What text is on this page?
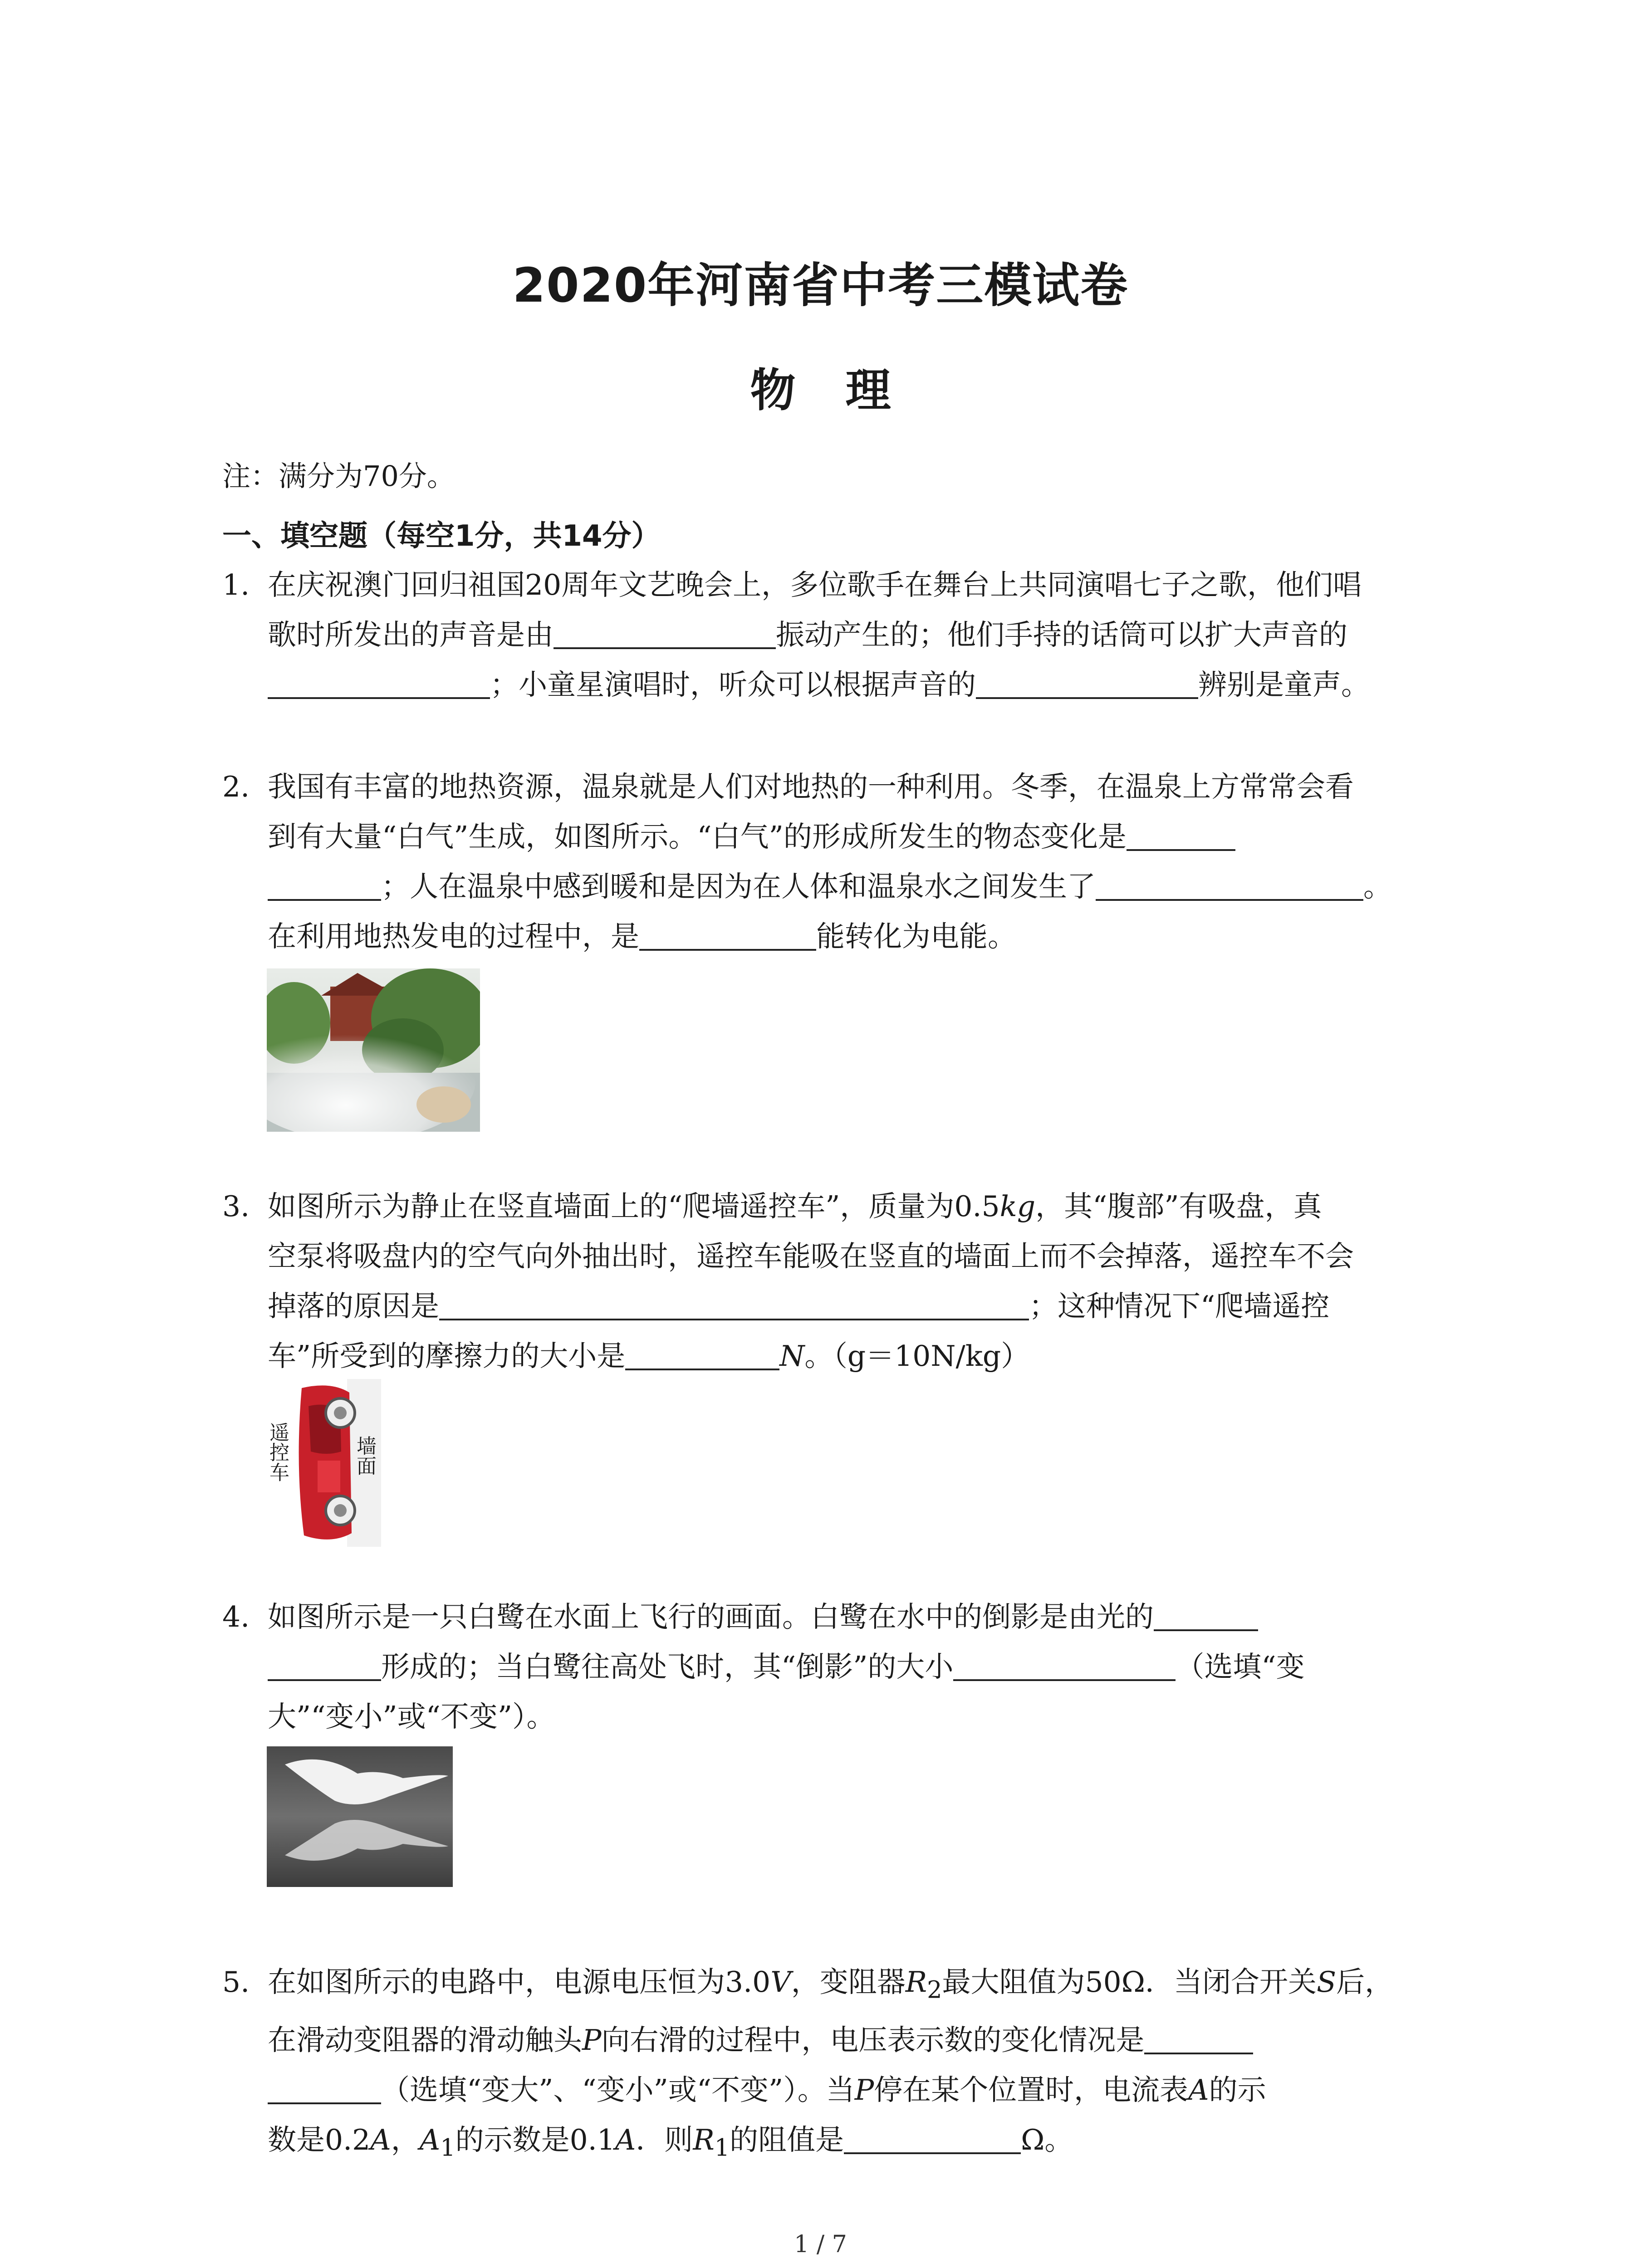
2020年河南省中考三模试卷
物理
注：满分为70分。
一、填空题（每空1分，共14分）
1. 在庆祝澳门回归祖国20周年文艺晚会上，多位歌手在舞台上共同演唱七子之歌，他们唱
歌时所发出的声音是由	振动产生的；他们手持的话筒可以扩大声音的
；小童星演唱时，听众可以根据声音的	辨别是童声。
2. 我国有丰富的地热资源，温泉就是人们对地热的一种利用。冬季，在温泉上方常常会看
到有大量“白气”生成，如图所示。“白气”的形成所发生的物态变化是
；人在温泉中感到暖和是因为在人体和温泉水之间发生了	。
在利用地热发电的过程中，是	能转化为电能。
3. 如图所示为静止在竖直墙面上的“爬墙遥控车”，质量为0.5kg，其“腹部”有吸盘，真
空泵将吸盘内的空气向外抽出时，遥控车能吸在竖直的墙面上而不会掉落，遥控车不会
掉落的原因是	；这种情况下“爬墙遥控
车”所受到的摩擦力的大小是	N。（g＝10N/kg）
遥控车	墙面
4. 如图所示是一只白鹭在水面上飞行的画面。白鹭在水中的倒影是由光的
形成的；当白鹭往高处飞时，其“倒影”的大小	（选填“变
大”“变小”或“不变”）。
5. 在如图所示的电路中，电源电压恒为3.0V，变阻器$R_2$最大阻值为50Ω．当闭合开关S后，
在滑动变阻器的滑动触头P向右滑的过程中，电压表示数的变化情况是
（选填“变大”、“变小”或“不变”）。当P停在某个位置时，电流表A的示
数是0.2A，$A_1$的示数是0.1A．则$R_1$的阻值是	Ω。
1 / 7
